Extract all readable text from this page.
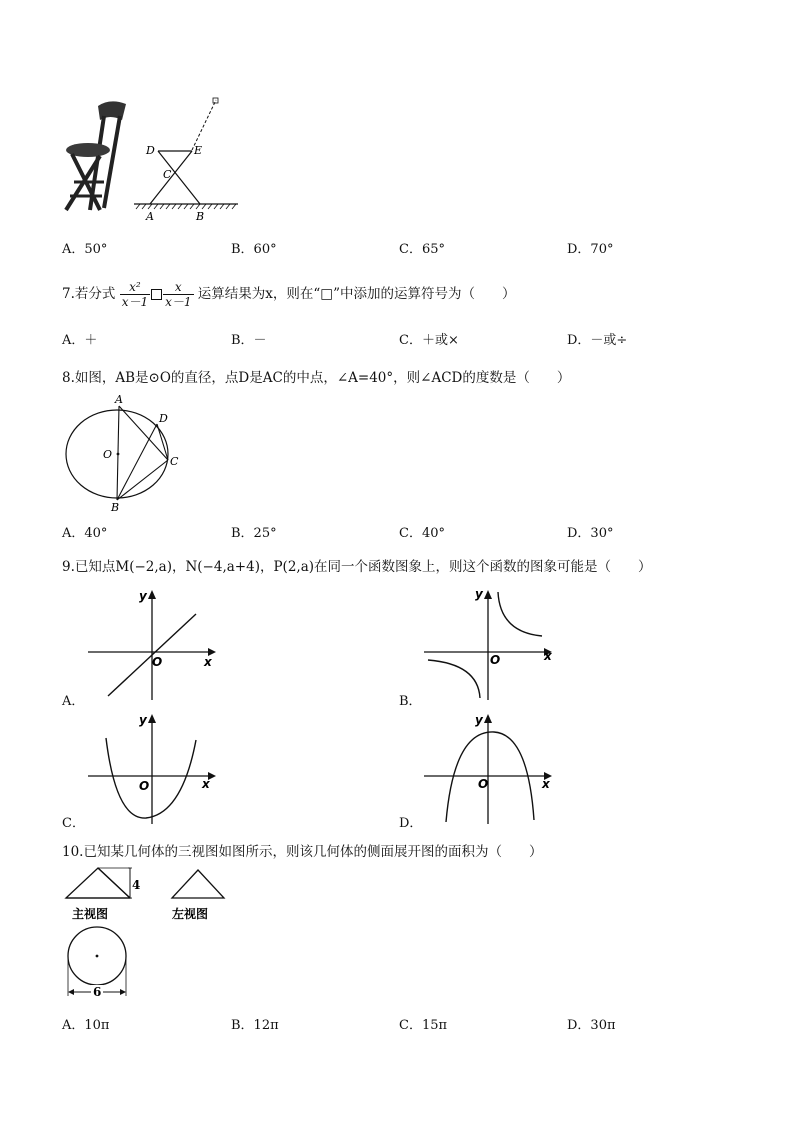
D	E
C
A	B
A．50°	B．60°	C．65°	D．70°
7.若分式 $\frac{\text{x²}}{x-1} \frac{x}{x-1}$ 运算结果为x，则在“□”中添加的运算符号为（　　）
A．＋	B．－	C．＋或×	D．－或÷
8.如图，AB是⊙O的直径，点D是AC的中点，∠A=40°，则∠ACD的度数是（　　）
A
D
C
O
B
A．40°	B．25°	C．40°	D．30°
9.已知点M(−2,a)，N(−4,a+4)，P(2,a)在同一个函数图象上，则这个函数的图象可能是（　　）
y
x
O
A．
y
x
O
B．
y
x
O
C．
y
x
O
D．
10.已知某几何体的三视图如图所示，则该几何体的侧面展开图的面积为（　　）
4
主视图	左视图
6
A．10π	B．12π	C．15π	D．30π
